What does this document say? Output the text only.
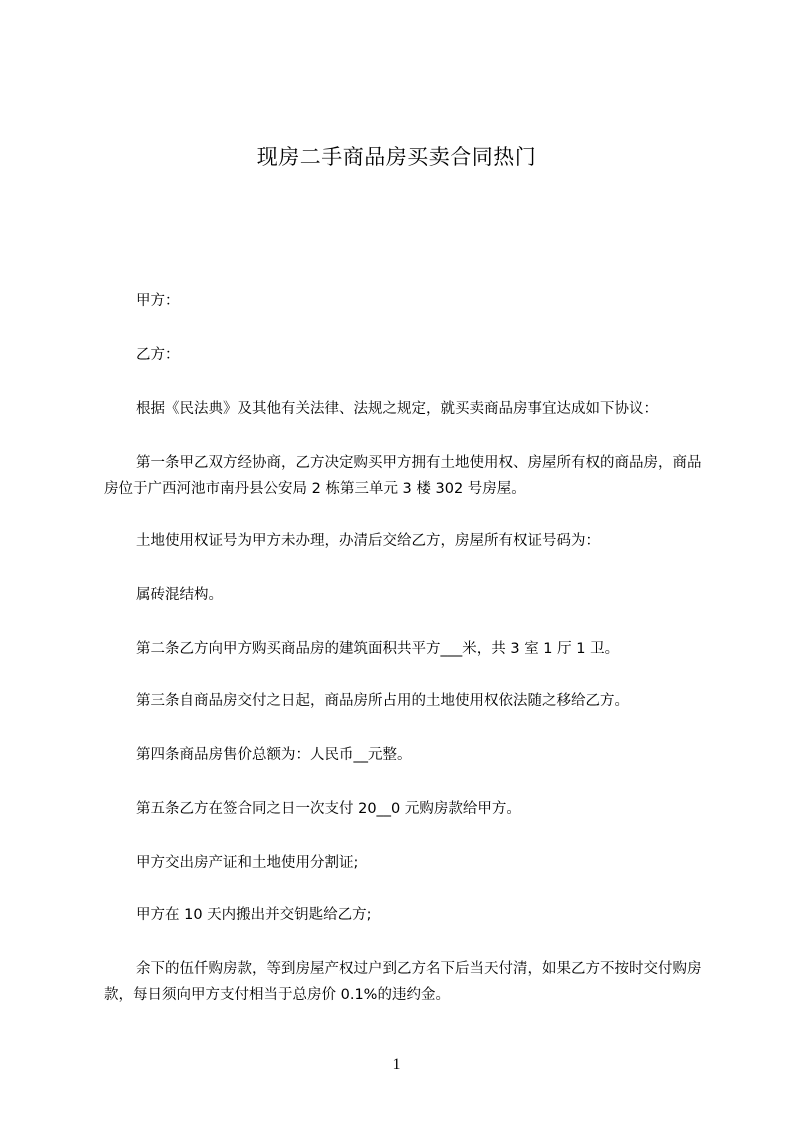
现房二手商品房买卖合同热门
甲方：
乙方：
根据《民法典》及其他有关法律、法规之规定，就买卖商品房事宜达成如下协议：
第一条甲乙双方经协商，乙方决定购买甲方拥有土地使用权、房屋所有权的商品房，商品房位于广西河池市南丹县公安局 2 栋第三单元 3 楼 302 号房屋。
土地使用权证号为甲方未办理，办清后交给乙方，房屋所有权证号码为：
属砖混结构。
第二条乙方向甲方购买商品房的建筑面积共平方___米，共 3 室 1 厅 1 卫。
第三条自商品房交付之日起，商品房所占用的土地使用权依法随之移给乙方。
第四条商品房售价总额为：人民币__元整。
第五条乙方在签合同之日一次支付 20__0 元购房款给甲方。
甲方交出房产证和土地使用分割证;
甲方在 10 天内搬出并交钥匙给乙方;
余下的伍仟购房款，等到房屋产权过户到乙方名下后当天付清，如果乙方不按时交付购房款，每日须向甲方支付相当于总房价 0.1%的违约金。
1
